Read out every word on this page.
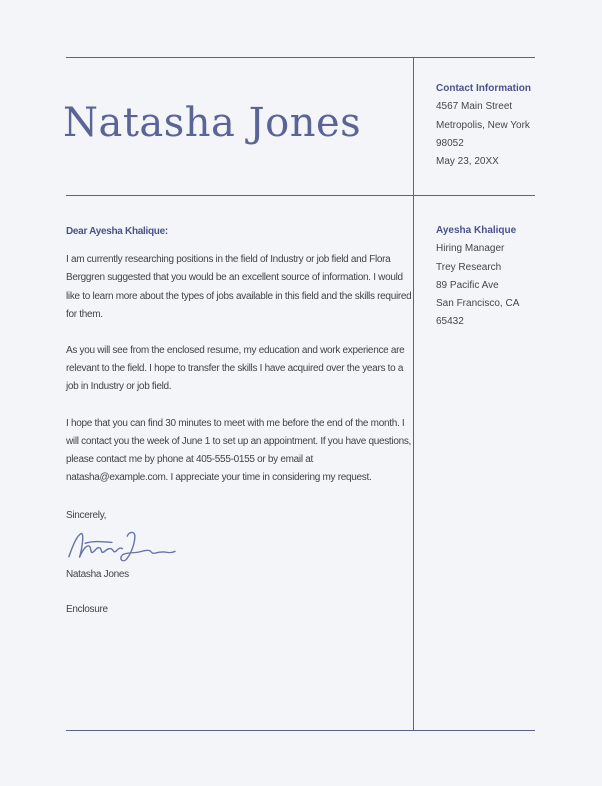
Natasha Jones
Contact Information
4567 Main Street
Metropolis, New York
98052
May 23, 20XX
Ayesha Khalique
Hiring Manager
Trey Research
89 Pacific Ave
San Francisco, CA
65432

Dear Ayesha Khalique:

I am currently researching positions in the field of Industry or job field and Flora Berggren suggested that you would be an excellent source of information. I would like to learn more about the types of jobs available in this field and the skills required for them.

As you will see from the enclosed resume, my education and work experience are relevant to the field. I hope to transfer the skills I have acquired over the years to a job in Industry or job field.

I hope that you can find 30 minutes to meet with me before the end of the month. I will contact you the week of June 1 to set up an appointment. If you have questions, please contact me by phone at 405-555-0155 or by email at natasha@example.com. I appreciate your time in considering my request.

Sincerely,

Natasha Jones

Enclosure
